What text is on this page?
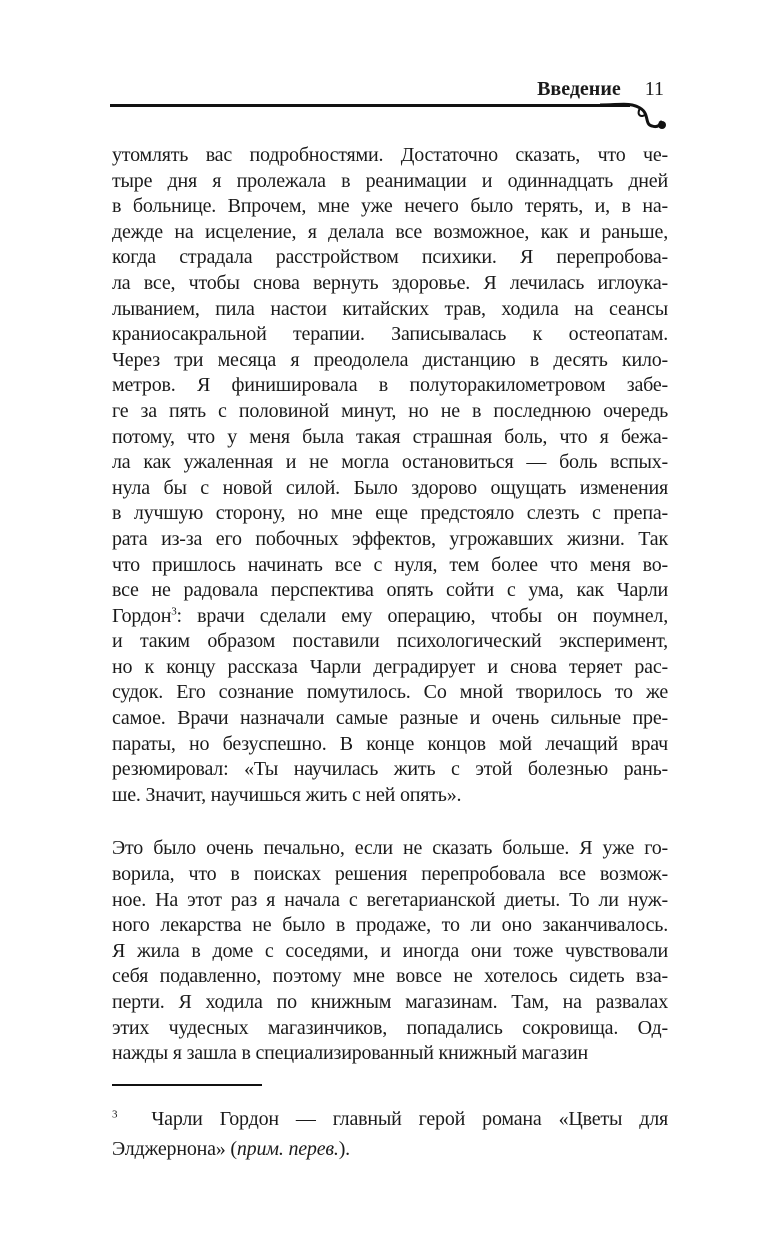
Введение 11
утомлять вас подробностями. Достаточно сказать, что че-
тыре дня я пролежала в реанимации и одиннадцать дней
в больнице. Впрочем, мне уже нечего было терять, и, в на-
дежде на исцеление, я делала все возможное, как и раньше,
когда страдала расстройством психики. Я перепробова-
ла все, чтобы снова вернуть здоровье. Я лечилась иглоука-
лыванием, пила настои китайских трав, ходила на сеансы
краниосакральной терапии. Записывалась к остеопатам.
Через три месяца я преодолела дистанцию в десять кило-
метров. Я финишировала в полуторакилометровом забе-
ге за пять с половиной минут, но не в последнюю очередь
потому, что у меня была такая страшная боль, что я бежа-
ла как ужаленная и не могла остановиться — боль вспых-
нула бы с новой силой. Было здорово ощущать изменения
в лучшую сторону, но мне еще предстояло слезть с препа-
рата из-за его побочных эффектов, угрожавших жизни. Так
что пришлось начинать все с нуля, тем более что меня во-
все не радовала перспектива опять сойти с ума, как Чарли
Гордон$^3$: врачи сделали ему операцию, чтобы он поумнел,
и таким образом поставили психологический эксперимент,
но к концу рассказа Чарли деградирует и снова теряет рас-
судок. Его сознание помутилось. Со мной творилось то же
самое. Врачи назначали самые разные и очень сильные пре-
параты, но безуспешно. В конце концов мой лечащий врач
резюмировал: «Ты научилась жить с этой болезнью рань-
ше. Значит, научишься жить с ней опять».
Это было очень печально, если не сказать больше. Я уже го-
ворила, что в поисках решения перепробовала все возмож-
ное. На этот раз я начала с вегетарианской диеты. То ли нуж-
ного лекарства не было в продаже, то ли оно заканчивалось.
Я жила в доме с соседями, и иногда они тоже чувствовали
себя подавленно, поэтому мне вовсе не хотелось сидеть вза-
перти. Я ходила по книжным магазинам. Там, на развалах
этих чудесных магазинчиков, попадались сокровища. Од-
нажды я зашла в специализированный книжный магазин
$^3$ Чарли Гордон — главный герой романа «Цветы для
Элджернона» (прим. перев.).
